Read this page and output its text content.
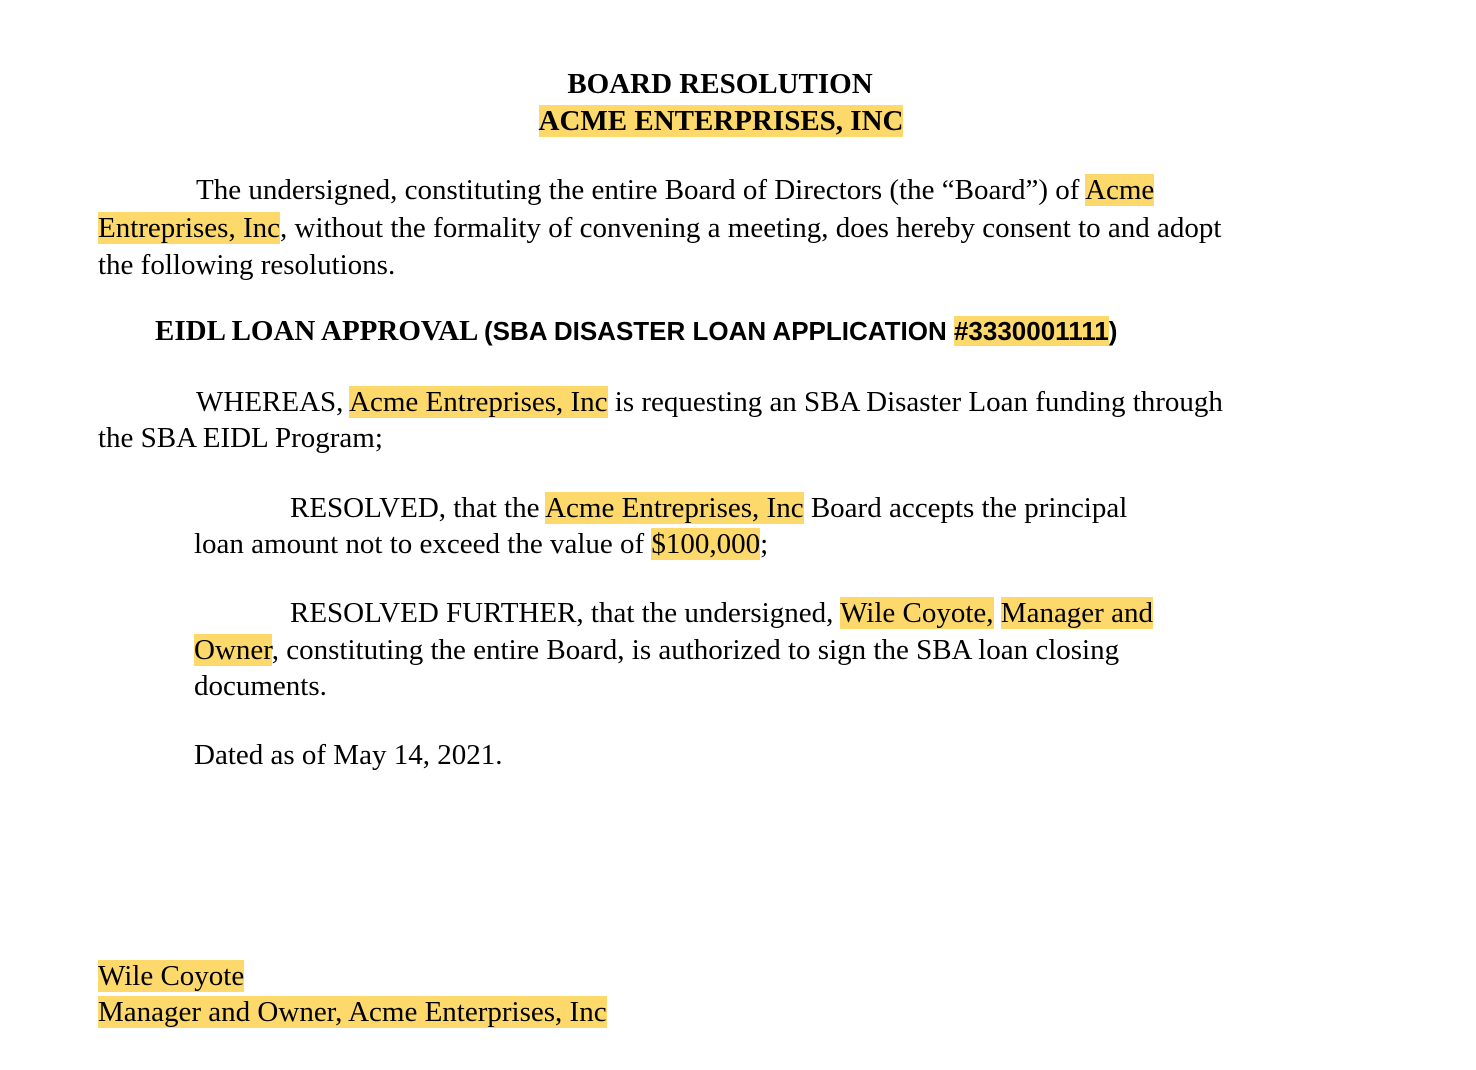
BOARD RESOLUTION
ACME ENTERPRISES, INC
The undersigned, constituting the entire Board of Directors (the “Board”) of Acme
Entreprises, Inc, without the formality of convening a meeting, does hereby consent to and adopt
the following resolutions.
EIDL LOAN APPROVAL (SBA DISASTER LOAN APPLICATION #3330001111)
WHEREAS, Acme Entreprises, Inc is requesting an SBA Disaster Loan funding through
the SBA EIDL Program;
RESOLVED, that the Acme Entreprises, Inc Board accepts the principal
loan amount not to exceed the value of $100,000;
RESOLVED FURTHER, that the undersigned, Wile Coyote, Manager and
Owner, constituting the entire Board, is authorized to sign the SBA loan closing
documents.
Dated as of May 14, 2021.
Wile Coyote
Manager and Owner, Acme Enterprises, Inc
